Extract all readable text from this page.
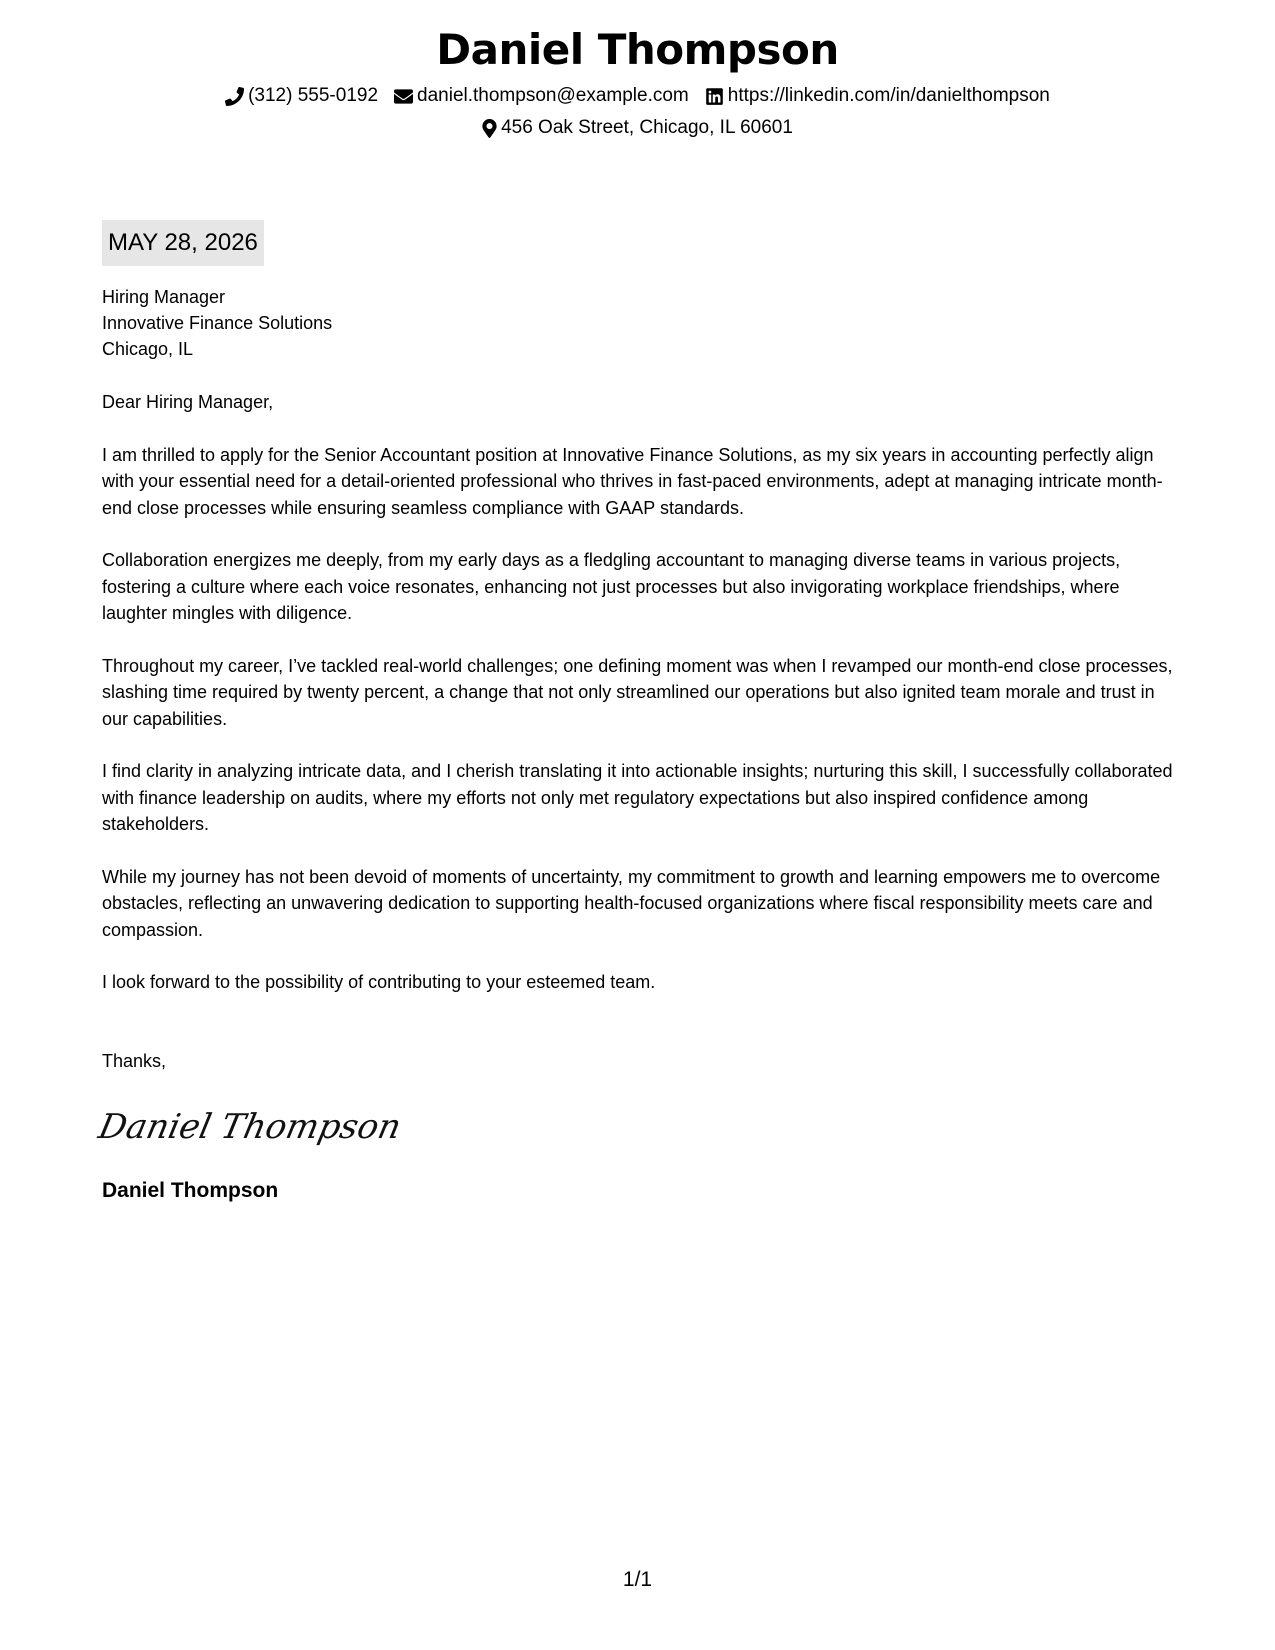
Daniel Thompson
(312) 555-0192 daniel.thompson@example.com https://linkedin.com/in/danielthompson
456 Oak Street, Chicago, IL 60601
MAY 28, 2026
Hiring Manager
Innovative Finance Solutions
Chicago, IL
Dear Hiring Manager,
I am thrilled to apply for the Senior Accountant position at Innovative Finance Solutions, as my six years in accounting perfectly align with your essential need for a detail-oriented professional who thrives in fast-paced environments, adept at managing intricate month-end close processes while ensuring seamless compliance with GAAP standards.
Collaboration energizes me deeply, from my early days as a fledgling accountant to managing diverse teams in various projects, fostering a culture where each voice resonates, enhancing not just processes but also invigorating workplace friendships, where laughter mingles with diligence.
Throughout my career, I’ve tackled real-world challenges; one defining moment was when I revamped our month-end close processes, slashing time required by twenty percent, a change that not only streamlined our operations but also ignited team morale and trust in our capabilities.
I find clarity in analyzing intricate data, and I cherish translating it into actionable insights; nurturing this skill, I successfully collaborated with finance leadership on audits, where my efforts not only met regulatory expectations but also inspired confidence among stakeholders.
While my journey has not been devoid of moments of uncertainty, my commitment to growth and learning empowers me to overcome obstacles, reflecting an unwavering dedication to supporting health-focused organizations where fiscal responsibility meets care and compassion.
I look forward to the possibility of contributing to your esteemed team.
Thanks,
Daniel Thompson
Daniel Thompson
1/1
